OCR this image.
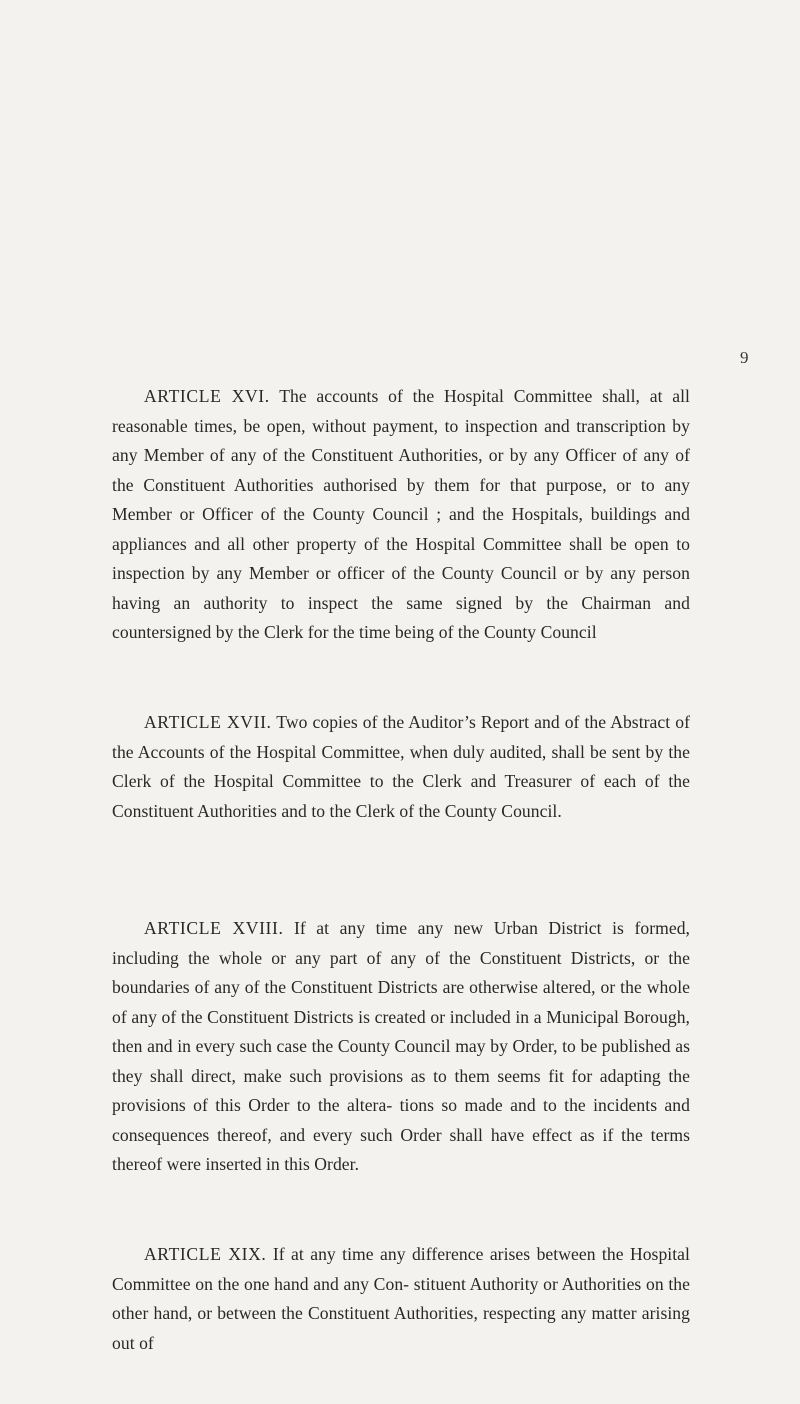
9

ARTICLE XVI. The accounts of the Hospital Committee shall, at all reasonable times, be open, without payment, to inspection and transcription by any Member of any of the Constituent Authorities, or by any Officer of any of the Constituent Authorities authorised by them for that purpose, or to any Member or Officer of the County Council ; and the Hospitals, buildings and appliances and all other property of the Hospital Committee shall be open to inspection by any Member or officer of the County Council or by any person having an authority to inspect the same signed by the Chairman and countersigned by the Clerk for the time being of the County Council

ARTICLE XVII. Two copies of the Auditor’s Report and of the Abstract of the Accounts of the Hospital Committee, when duly audited, shall be sent by the Clerk of the Hospital Committee to the Clerk and Treasurer of each of the Constituent Authorities and to the Clerk of the County Council.

ARTICLE XVIII. If at any time any new Urban District is formed, including the whole or any part of any of the Constituent Districts, or the boundaries of any of the Constituent Districts are otherwise altered, or the whole of any of the Constituent Districts is created or included in a Municipal Borough, then and in every such case the County Council may by Order, to be published as they shall direct, make such provisions as to them seems fit for adapting the provisions of this Order to the altera- tions so made and to the incidents and consequences thereof, and every such Order shall have effect as if the terms thereof were inserted in this Order.

ARTICLE XIX. If at any time any difference arises between the Hospital Committee on the one hand and any Con- stituent Authority or Authorities on the other hand, or between the Constituent Authorities, respecting any matter arising out of
